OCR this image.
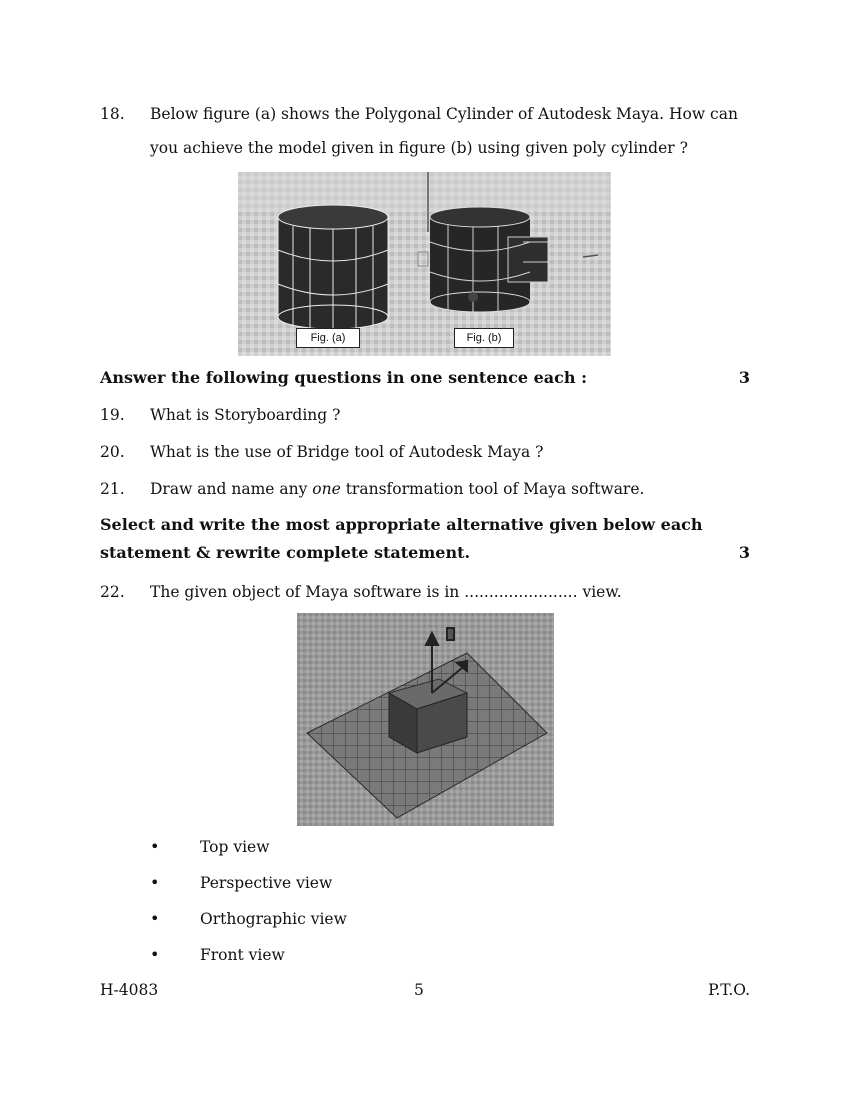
18. Below figure (a) shows the Polygonal Cylinder of Autodesk Maya. How can
you achieve the model given in figure (b) using given poly cylinder ?
Fig. (a)	Fig. (b)
Answer the following questions in one sentence each :	3
19. What is Storyboarding ?
20. What is the use of Bridge tool of Autodesk Maya ?
21. Draw and name any one transformation tool of Maya software.
Select and write the most appropriate alternative given below each
statement & rewrite complete statement.	3
22. The given object of Maya software is in ....................... view.
•	Top view
•	Perspective view
•	Orthographic view
•	Front view
H-4083	5	P.T.O.
